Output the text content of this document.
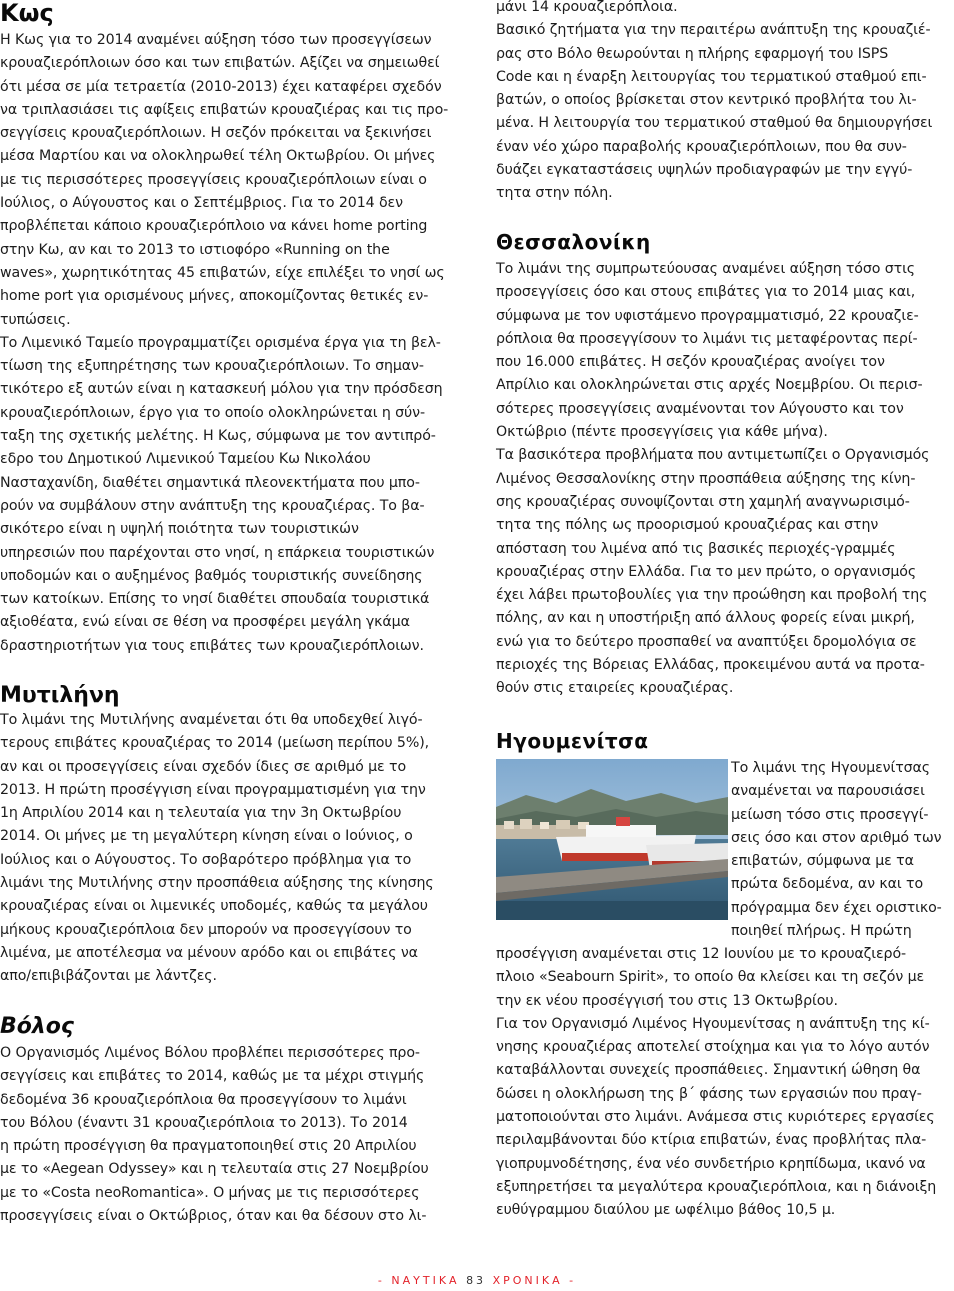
Κως
Η Κως για το 2014 αναμένει αύξηση τόσο των προσεγγίσεων
κρουαζιερόπλοιων όσο και των επιβατών. Αξίζει να σημειωθεί
ότι μέσα σε μία τετραετία (2010-2013) έχει καταφέρει σχεδόν
να τριπλασιάσει τις αφίξεις επιβατών κρουαζιέρας και τις προ-
σεγγίσεις κρουαζιερόπλοιων. Η σεζόν πρόκειται να ξεκινήσει
μέσα Μαρτίου και να ολοκληρωθεί τέλη Οκτωβρίου. Οι μήνες
με τις περισσότερες προσεγγίσεις κρουαζιερόπλοιων είναι ο
Ιούλιος, ο Αύγουστος και ο Σεπτέμβριος. Για το 2014 δεν
προβλέπεται κάποιο κρουαζιερόπλοιο να κάνει home porting
στην Κω, αν και το 2013 το ιστιοφόρο «Running on the
waves», χωρητικότητας 45 επιβατών, είχε επιλέξει το νησί ως
home port για ορισμένους μήνες, αποκομίζοντας θετικές εν-
τυπώσεις.
Το Λιμενικό Ταμείο προγραμματίζει ορισμένα έργα για τη βελ-
τίωση της εξυπηρέτησης των κρουαζιερόπλοιων. Το σημαν-
τικότερο εξ αυτών είναι η κατασκευή μόλου για την πρόσδεση
κρουαζιερόπλοιων, έργο για το οποίο ολοκληρώνεται η σύν-
ταξη της σχετικής μελέτης. Η Κως, σύμφωνα με τον αντιπρό-
εδρο του Δημοτικού Λιμενικού Ταμείου Κω Νικολάου
Νασταχανίδη, διαθέτει σημαντικά πλεονεκτήματα που μπο-
ρούν να συμβάλουν στην ανάπτυξη της κρουαζιέρας. Το βα-
σικότερο είναι η υψηλή ποιότητα των τουριστικών
υπηρεσιών που παρέχονται στο νησί, η επάρκεια τουριστικών
υποδομών και ο αυξημένος βαθμός τουριστικής συνείδησης
των κατοίκων. Επίσης το νησί διαθέτει σπουδαία τουριστικά
αξιοθέατα, ενώ είναι σε θέση να προσφέρει μεγάλη γκάμα
δραστηριοτήτων για τους επιβάτες των κρουαζιερόπλοιων.
Μυτιλήνη
Το λιμάνι της Μυτιλήνης αναμένεται ότι θα υποδεχθεί λιγό-
τερους επιβάτες κρουαζιέρας το 2014 (μείωση περίπου 5%),
αν και οι προσεγγίσεις είναι σχεδόν ίδιες σε αριθμό με το
2013. Η πρώτη προσέγγιση είναι προγραμματισμένη για την
1η Απριλίου 2014 και η τελευταία για την 3η Οκτωβρίου
2014. Οι μήνες με τη μεγαλύτερη κίνηση είναι ο Ιούνιος, ο
Ιούλιος και ο Αύγουστος. Το σοβαρότερο πρόβλημα για το
λιμάνι της Μυτιλήνης στην προσπάθεια αύξησης της κίνησης
κρουαζιέρας είναι οι λιμενικές υποδομές, καθώς τα μεγάλου
μήκους κρουαζιερόπλοια δεν μπορούν να προσεγγίσουν το
λιμένα, με αποτέλεσμα να μένουν αρόδο και οι επιβάτες να
απο/επιβιβάζονται με λάντζες.
Βόλος
Ο Οργανισμός Λιμένος Βόλου προβλέπει περισσότερες προ-
σεγγίσεις και επιβάτες το 2014, καθώς με τα μέχρι στιγμής
δεδομένα 36 κρουαζιερόπλοια θα προσεγγίσουν το λιμάνι
του Βόλου (έναντι 31 κρουαζιερόπλοια το 2013). Το 2014
η πρώτη προσέγγιση θα πραγματοποιηθεί στις 20 Απριλίου
με το «Aegean Odyssey» και η τελευταία στις 27 Νοεμβρίου
με το «Costa neoRomantica». Ο μήνας με τις περισσότερες
προσεγγίσεις είναι ο Οκτώβριος, όταν και θα δέσουν στο λι-
μάνι 14 κρουαζιερόπλοια.
Βασικό ζητήματα για την περαιτέρω ανάπτυξη της κρουαζιέ-
ρας στο Βόλο θεωρούνται η πλήρης εφαρμογή του ISPS
Code και η έναρξη λειτουργίας του τερματικού σταθμού επι-
βατών, ο οποίος βρίσκεται στον κεντρικό προβλήτα του λι-
μένα. Η λειτουργία του τερματικού σταθμού θα δημιουργήσει
έναν νέο χώρο παραβολής κρουαζιερόπλοιων, που θα συν-
δυάζει εγκαταστάσεις υψηλών προδιαγραφών με την εγγύ-
τητα στην πόλη.
Θεσσαλονίκη
Το λιμάνι της συμπρωτεύουσας αναμένει αύξηση τόσο στις
προσεγγίσεις όσο και στους επιβάτες για το 2014 μιας και,
σύμφωνα με τον υφιστάμενο προγραμματισμό, 22 κρουαζιε-
ρόπλοια θα προσεγγίσουν το λιμάνι τις μεταφέροντας περί-
που 16.000 επιβάτες. Η σεζόν κρουαζιέρας ανοίγει τον
Απρίλιο και ολοκληρώνεται στις αρχές Νοεμβρίου. Οι περισ-
σότερες προσεγγίσεις αναμένονται τον Αύγουστο και τον
Οκτώβριο (πέντε προσεγγίσεις για κάθε μήνα).
Τα βασικότερα προβλήματα που αντιμετωπίζει ο Οργανισμός
Λιμένος Θεσσαλονίκης στην προσπάθεια αύξησης της κίνη-
σης κρουαζιέρας συνοψίζονται στη χαμηλή αναγνωρισιμό-
τητα της πόλης ως προορισμού κρουαζιέρας και στην
απόσταση του λιμένα από τις βασικές περιοχές-γραμμές
κρουαζιέρας στην Ελλάδα. Για το μεν πρώτο, ο οργανισμός
έχει λάβει πρωτοβουλίες για την προώθηση και προβολή της
πόλης, αν και η υποστήριξη από άλλους φορείς είναι μικρή,
ενώ για το δεύτερο προσπαθεί να αναπτύξει δρομολόγια σε
περιοχές της Βόρειας Ελλάδας, προκειμένου αυτά να προτα-
θούν στις εταιρείες κρουαζιέρας.
Ηγουμενίτσα
Το λιμάνι της Ηγουμενίτσας
αναμένεται να παρουσιάσει
μείωση τόσο στις προσεγγί-
σεις όσο και στον αριθμό των
επιβατών, σύμφωνα με τα
πρώτα δεδομένα, αν και το
πρόγραμμα δεν έχει οριστικο-
ποιηθεί πλήρως. Η πρώτη
προσέγγιση αναμένεται στις 12 Ιουνίου με το κρουαζιερό-
πλοιο «Seabourn Spirit», το οποίο θα κλείσει και τη σεζόν με
την εκ νέου προσέγγισή του στις 13 Οκτωβρίου.
Για τον Οργανισμό Λιμένος Ηγουμενίτσας η ανάπτυξη της κί-
νησης κρουαζιέρας αποτελεί στοίχημα και για το λόγο αυτόν
καταβάλλονται συνεχείς προσπάθειες. Σημαντική ώθηση θα
δώσει η ολοκλήρωση της β΄ φάσης των εργασιών που πραγ-
ματοποιούνται στο λιμάνι. Ανάμεσα στις κυριότερες εργασίες
περιλαμβάνονται δύο κτίρια επιβατών, ένας προβλήτας πλα-
γιοπρυμνοδέτησης, ένα νέο συνδετήριο κρηπίδωμα, ικανό να
εξυπηρετήσει τα μεγαλύτερα κρουαζιερόπλοια, και η διάνοιξη
ευθύγραμμου διαύλου με ωφέλιμο βάθος 10,5 μ.
- ΝΑΥΤΙΚΑ 83 ΧΡΟΝΙΚΑ -
